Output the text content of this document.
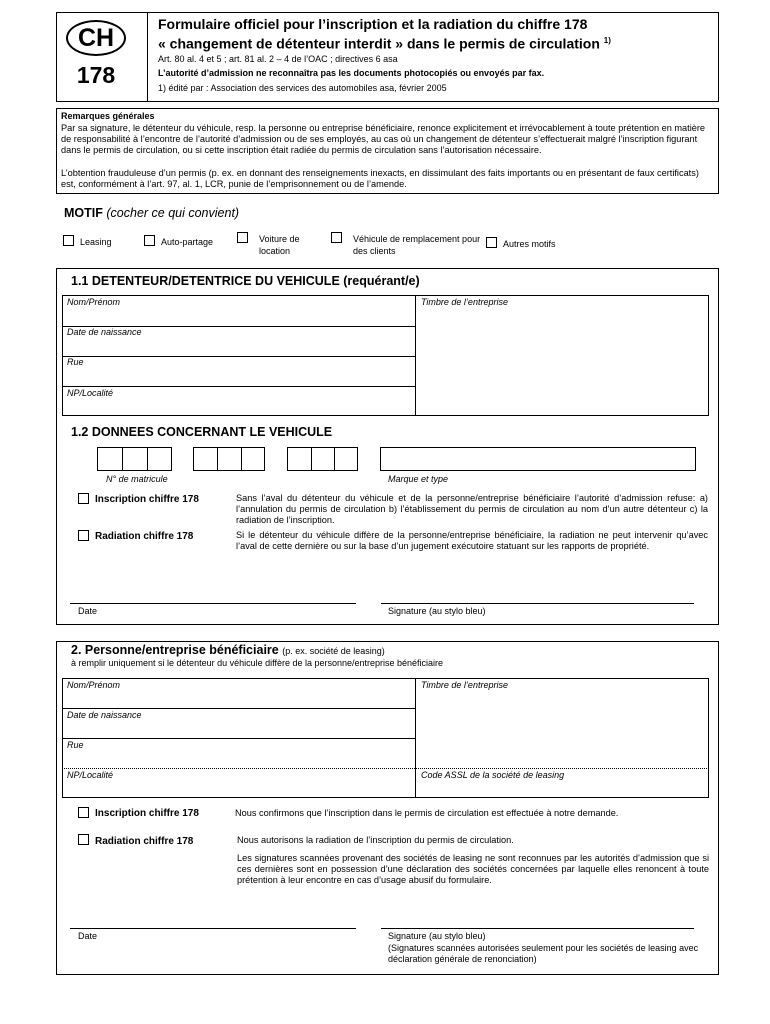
CH
178
Formulaire officiel pour l’inscription et la radiation du chiffre 178
« changement de détenteur interdit » dans le permis de circulation $^{1)}$
Art. 80 al. 4 et 5 ; art. 81 al. 2 – 4 de l’OAC ; directives 6 asa
L’autorité d’admission ne reconnaîtra pas les documents photocopiés ou envoyés par fax.
1) édité par : Association des services des automobiles asa, février 2005
Remarques générales
Par sa signature, le détenteur du véhicule, resp. la personne ou entreprise bénéficiaire, renonce explicitement et irrévocablement à toute prétention en matière de responsabilité à l’encontre de l’autorité d’admission ou de ses employés, au cas où un changement de détenteur s’effectuerait malgré l’inscription figurant dans le permis de circulation, ou si cette inscription était radiée du permis de circulation sans l’autorisation nécessaire.
L’obtention frauduleuse d’un permis (p. ex. en donnant des renseignements inexacts, en dissimulant des faits importants ou en présentant de faux certificats) est, conformément à l’art. 97, al. 1, LCR, punie de l’emprisonnement ou de l’amende.
MOTIF (cocher ce qui convient)
Leasing	Auto-partage	Voiture de location
Véhicule de remplacement pour des clients
Autres motifs
1.1 DETENTEUR/DETENTRICE DU VEHICULE (requérant/e)
Nom/Prénom
Date de naissance
Rue
NP/Localité
Timbre de l’entreprise
1.2 DONNEES CONCERNANT LE VEHICULE
N° de matricule	Marque et type
Inscription chiffre 178	Sans l’aval du détenteur du véhicule et de la personne/entreprise bénéficiaire l’autorité d’admission refuse: a) l’annulation du permis de circulation b) l’établissement du permis de circulation au nom d’un autre détenteur c) la radiation de l’inscription.
Radiation chiffre 178	Si le détenteur du véhicule diffère de la personne/entreprise bénéficiaire, la radiation ne peut intervenir qu’avec l’aval de cette dernière ou sur la base d’un jugement exécutoire statuant sur les rapports de propriété.
Date	Signature (au stylo bleu)
2. Personne/entreprise bénéficiaire (p. ex. société de leasing)
à remplir uniquement si le détenteur du véhicule diffère de la personne/entreprise bénéficiaire
Nom/Prénom
Date de naissance
Rue
NP/Localité
Timbre de l’entreprise
Code ASSL de la société de leasing
Inscription chiffre 178	Nous confirmons que l’inscription dans le permis de circulation est effectuée à notre demande.
Radiation chiffre 178	Nous autorisons la radiation de l’inscription du permis de circulation.
Les signatures scannées provenant des sociétés de leasing ne sont reconnues par les autorités d’admission que si ces dernières sont en possession d’une déclaration des sociétés concernées par laquelle elles renoncent à toute prétention à leur encontre en cas d’usage abusif du formulaire.
Date	Signature (au stylo bleu)
(Signatures scannées autorisées seulement pour les sociétés de leasing avec déclaration générale de renonciation)
